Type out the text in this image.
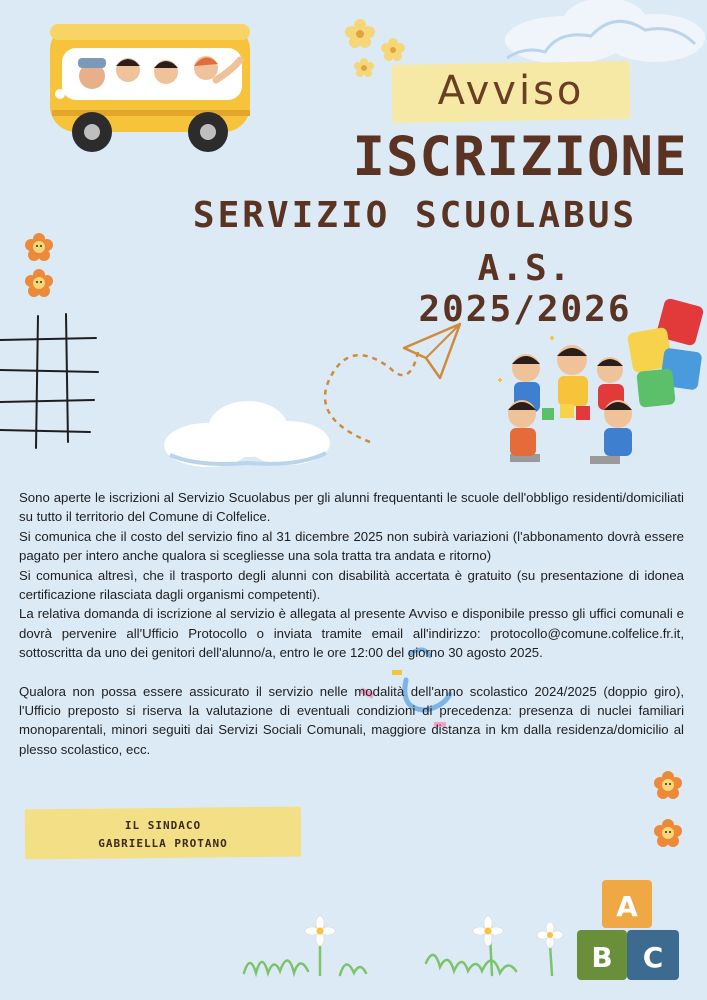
Avviso
ISCRIZIONE
SERVIZIO SCUOLABUS
A.S. 2025/2026

Sono aperte le iscrizioni al Servizio Scuolabus per gli alunni frequentanti le scuole dell'obbligo residenti/domiciliati su tutto il territorio del Comune di Colfelice.

Si comunica che il costo del servizio fino al 31 dicembre 2025 non subirà variazioni (l'abbonamento dovrà essere pagato per intero anche qualora si scegliesse una sola tratta tra andata e ritorno)

Si comunica altresì, che il trasporto degli alunni con disabilità accertata è gratuito (su presentazione di idonea certificazione rilasciata dagli organismi competenti).

La relativa domanda di iscrizione al servizio è allegata al presente Avviso e disponibile presso gli uffici comunali e dovrà pervenire all'Ufficio Protocollo o inviata tramite email all'indirizzo: protocollo@comune.colfelice.fr.it, sottoscritta da uno dei genitori dell'alunno/a, entro le ore 12:00 del giorno 30 agosto 2025.

Qualora non possa essere assicurato il servizio nelle modalità dell'anno scolastico 2024/2025 (doppio giro), l'Ufficio preposto si riserva la valutazione di eventuali condizioni di precedenza: presenza di nuclei familiari monoparentali, minori seguiti dai Servizi Sociali Comunali, maggiore distanza in km dalla residenza/domicilio al plesso scolastico, ecc.

IL SINDACO
GABRIELLA PROTANO
A
B C
